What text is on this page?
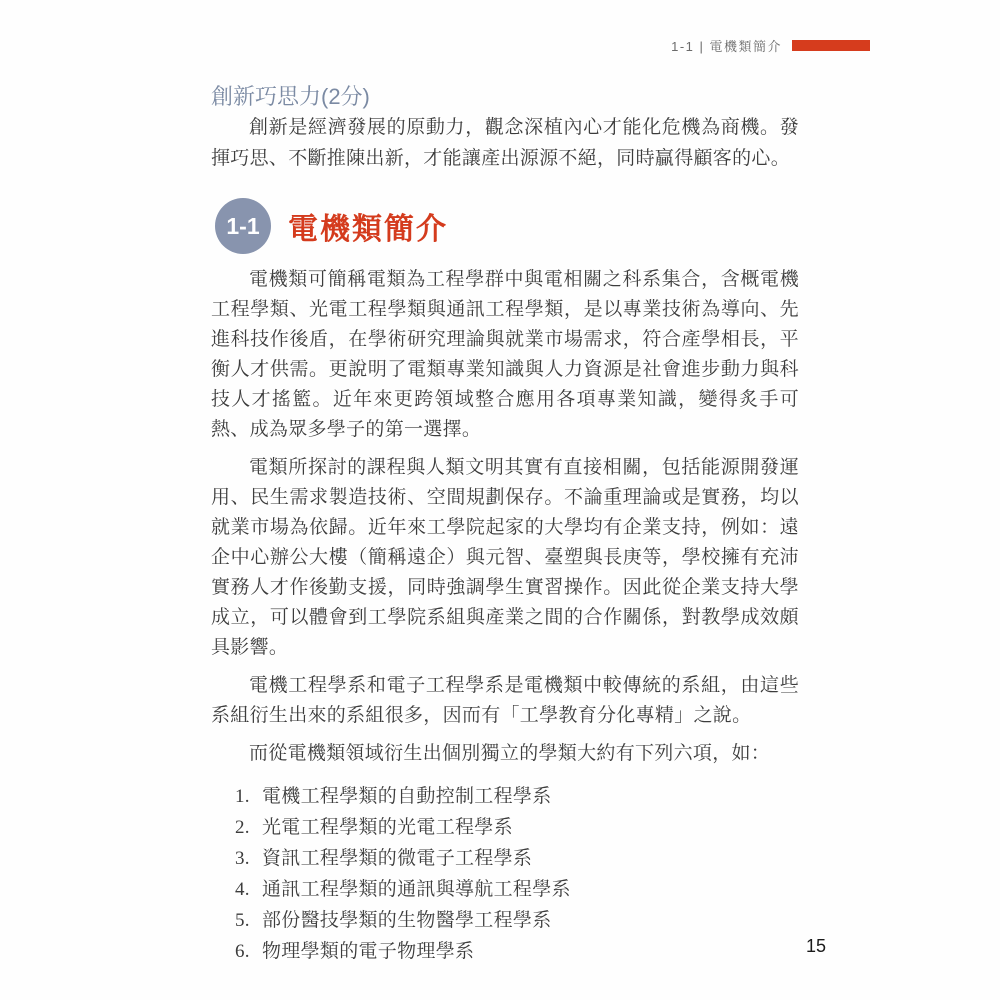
1-1 | 電機類簡介
創新巧思力(2分)

創新是經濟發展的原動力，觀念深植內心才能化危機為商機。發揮巧思、不斷推陳出新，才能讓產出源源不絕，同時贏得顧客的心。

1-1 電機類簡介

電機類可簡稱電類為工程學群中與電相關之科系集合，含概電機工程學類、光電工程學類與通訊工程學類，是以專業技術為導向、先進科技作後盾，在學術研究理論與就業市場需求，符合產學相長，平衡人才供需。更說明了電類專業知識與人力資源是社會進步動力與科技人才搖籃。近年來更跨領域整合應用各項專業知識，變得炙手可熱、成為眾多學子的第一選擇。

電類所探討的課程與人類文明其實有直接相關，包括能源開發運用、民生需求製造技術、空間規劃保存。不論重理論或是實務，均以就業市場為依歸。近年來工學院起家的大學均有企業支持，例如：遠企中心辦公大樓（簡稱遠企）與元智、臺塑與長庚等，學校擁有充沛實務人才作後勤支援，同時強調學生實習操作。因此從企業支持大學成立，可以體會到工學院系組與產業之間的合作關係，對教學成效頗具影響。

電機工程學系和電子工程學系是電機類中較傳統的系組，由這些系組衍生出來的系組很多，因而有「工學教育分化專精」之說。

而從電機類領域衍生出個別獨立的學類大約有下列六項，如：

1. 電機工程學類的自動控制工程學系
2. 光電工程學類的光電工程學系
3. 資訊工程學類的微電子工程學系
4. 通訊工程學類的通訊與導航工程學系
5. 部份醫技學類的生物醫學工程學系
6. 物理學類的電子物理學系	15
